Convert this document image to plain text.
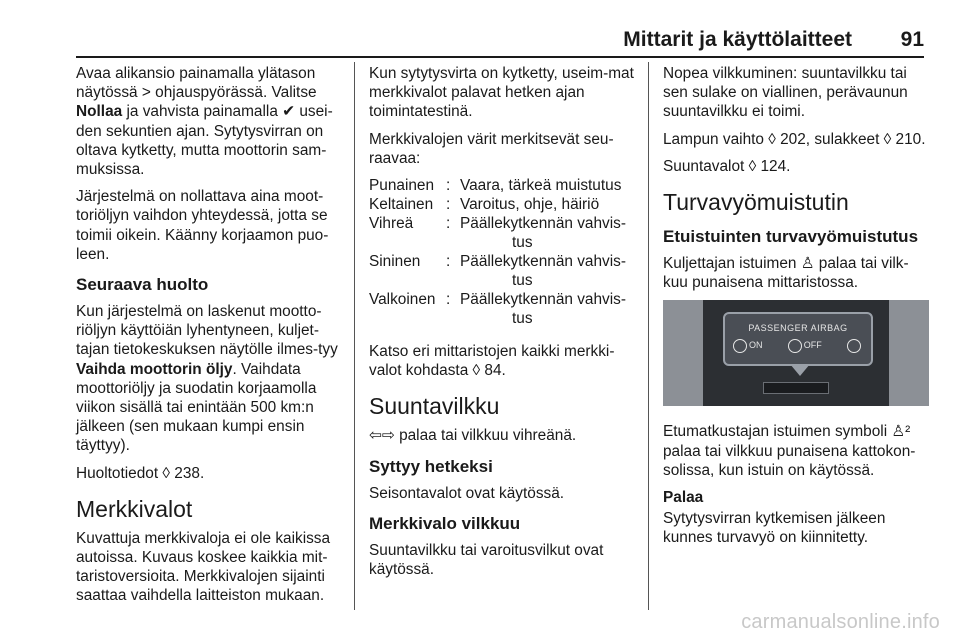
Mittarit ja käyttölaitteet 91

Avaa alikansio painamalla ylätason näytössä > ohjauspyörässä. Valitse Nollaa ja vahvista painamalla ✔ usei-den sekuntien ajan. Sytytysvirran on oltava kytketty, mutta moottorin sam-muksissa.

Järjestelmä on nollattava aina moot-toriöljyn vaihdon yhteydessä, jotta se toimii oikein. Käänny korjaamon puo-leen.

Seuraava huolto

Kun järjestelmä on laskenut mootto-riöljyn käyttöiän lyhentyneen, kuljet-tajan tietokeskuksen näytölle ilmes-tyy Vaihda moottorin öljy. Vaihdata moottoriöljy ja suodatin korjaamolla viikon sisällä tai enintään 500 km:n jälkeen (sen mukaan kumpi ensin täyttyy).

Huoltotiedot ◊ 238.

Merkkivalot

Kuvattuja merkkivaloja ei ole kaikissa autoissa. Kuvaus koskee kaikkia mit-taristoversioita. Merkkivalojen sijainti saattaa vaihdella laitteiston mukaan.

Kun sytytysvirta on kytketty, useim-mat merkkivalot palavat hetken ajan toimintatestinä.

Merkkivalojen värit merkitsevät seu-raavaa:

Punainen	:	Vaara, tärkeä muistutus
Keltainen	:	Varoitus, ohje, häiriö
Vihreä	:	Päällekytkennän vahvis-
tus

Sininen	:	Päällekytkennän vahvis-
tus

Valkoinen	:	Päällekytkennän vahvis-
tus

Katso eri mittaristojen kaikki merkki-valot kohdasta ◊ 84.

Suuntavilkku

⇦⇨ palaa tai vilkkuu vihreänä.

Syttyy hetkeksi

Seisontavalot ovat käytössä.

Merkkivalo vilkkuu

Suuntavilkku tai varoitusvilkut ovat käytössä.

Nopea vilkkuminen: suuntavilkku tai sen sulake on viallinen, perävaunun suuntavilkku ei toimi.

Lampun vaihto ◊ 202, sulakkeet ◊ 210.

Suuntavalot ◊ 124.

Turvavyömuistutin
Etuistuinten turvavyömuistutus

Kuljettajan istuimen ♙ palaa tai vilk-kuu punaisena mittaristossa.

PASSENGER AIRBAG
ON	OFF

Etumatkustajan istuimen symboli ♙² palaa tai vilkkuu punaisena kattokon-solissa, kun istuin on käytössä.

Palaa

Sytytysvirran kytkemisen jälkeen kunnes turvavyö on kiinnitetty.

carmanualsonline.info
